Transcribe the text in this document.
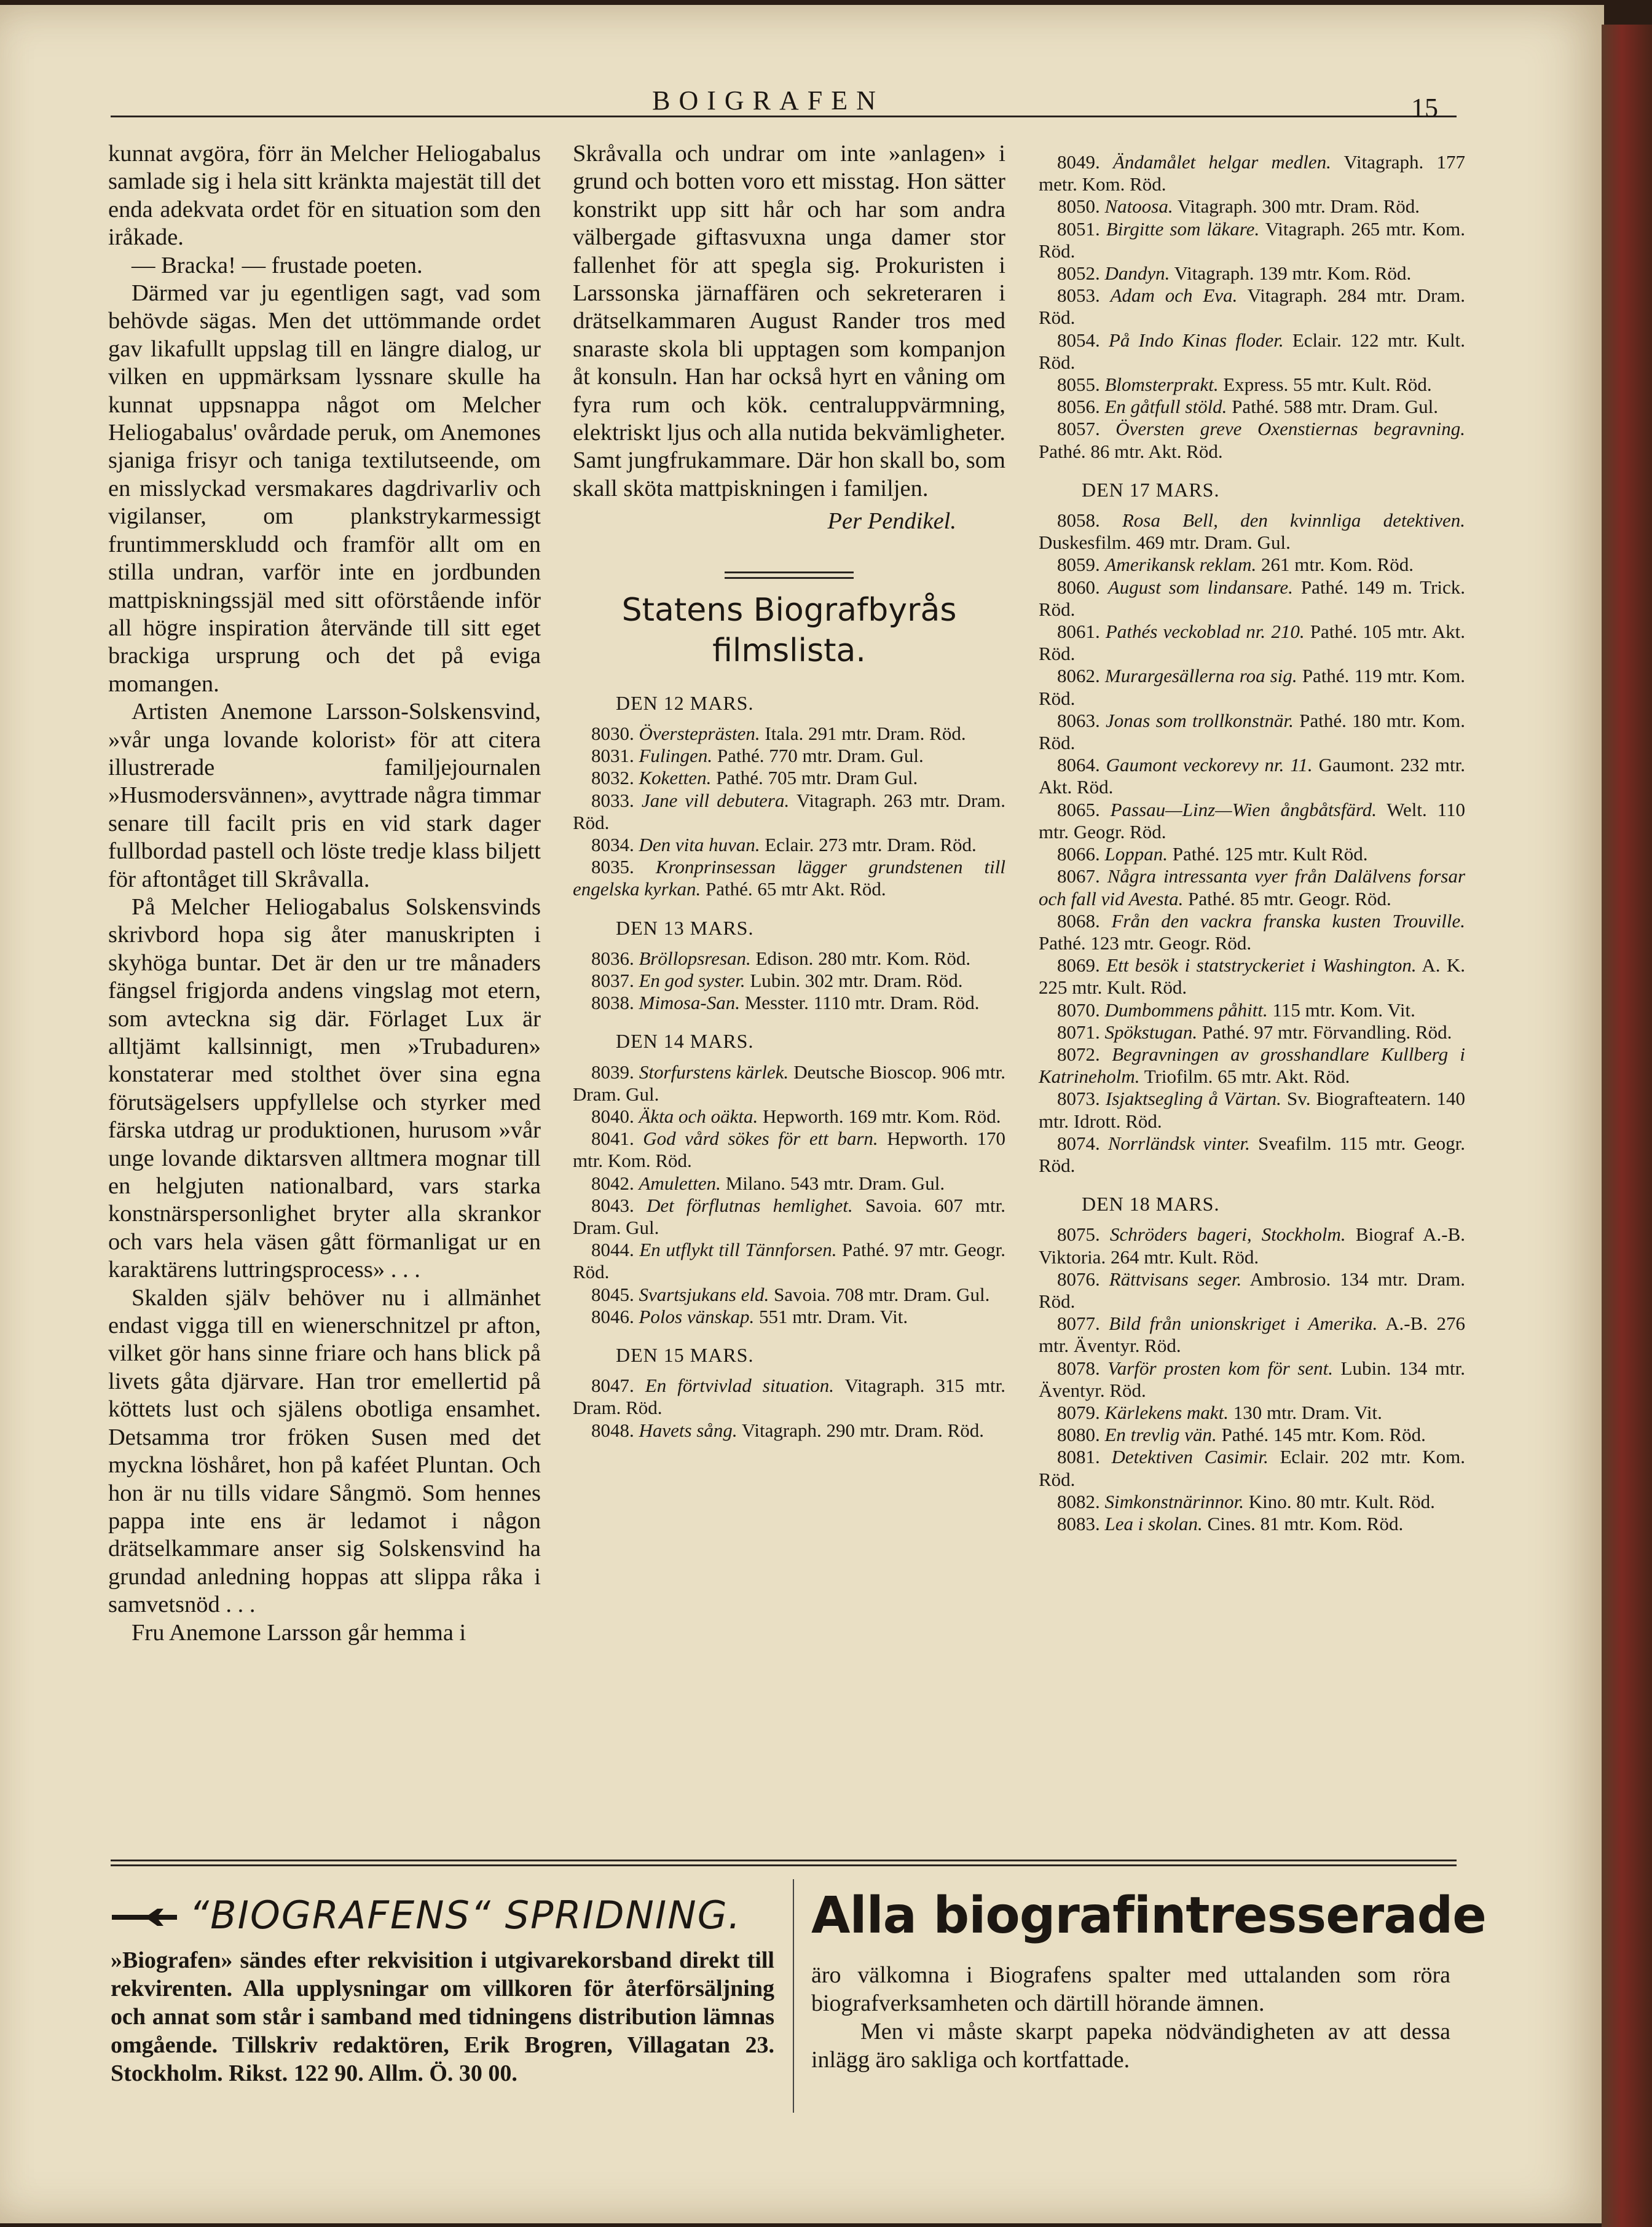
BOIGRAFEN	15

kunnat avgöra, förr än Melcher Heliogabalus samlade sig i hela sitt kränkta majestät till det enda adekvata ordet för en situation som den iråkade.

— Bracka! — frustade poeten.

Därmed var ju egentligen sagt, vad som behövde sägas. Men det uttömmande ordet gav likafullt uppslag till en längre dialog, ur vilken en uppmärksam lyssnare skulle ha kunnat uppsnappa något om Melcher Heliogabalus' ovårdade peruk, om Anemones sjaniga frisyr och taniga textilutseende, om en misslyckad versmakares dagdrivarliv och vigilanser, om plankstrykarmessigt fruntimmerskludd och framför allt om en stilla undran, varför inte en jordbunden mattpiskningssjäl med sitt oförstående inför all högre inspiration återvände till sitt eget brackiga ursprung och det på eviga momangen.

Artisten Anemone Larsson-Solskensvind, »vår unga lovande kolorist» för att citera illustrerade familjejournalen »Husmodersvännen», avyttrade några timmar senare till facilt pris en vid stark dager fullbordad pastell och löste tredje klass biljett för aftontåget till Skråvalla.

På Melcher Heliogabalus Solskensvinds skrivbord hopa sig åter manuskripten i skyhöga buntar. Det är den ur tre månaders fängsel frigjorda andens vingslag mot etern, som avteckna sig där. Förlaget Lux är alltjämt kallsinnigt, men »Trubaduren» konstaterar med stolthet över sina egna förutsägelsers uppfyllelse och styrker med färska utdrag ur produktionen, hurusom »vår unge lovande diktarsven alltmera mognar till en helgjuten nationalbard, vars starka konstnärspersonlighet bryter alla skrankor och vars hela väsen gått förmanligat ur en karaktärens luttringsprocess» . . .

Skalden själv behöver nu i allmänhet endast vigga till en wienerschnitzel pr afton, vilket gör hans sinne friare och hans blick på livets gåta djärvare. Han tror emellertid på köttets lust och själens obotliga ensamhet. Detsamma tror fröken Susen med det myckna löshåret, hon på kaféet Pluntan. Och hon är nu tills vidare Sångmö. Som hennes pappa inte ens är ledamot i någon drätselkammare anser sig Solskensvind ha grundad anledning hoppas att slippa råka i samvetsnöd . . .

Fru Anemone Larsson går hemma i

Skråvalla och undrar om inte »anlagen» i grund och botten voro ett misstag. Hon sätter konstrikt upp sitt hår och har som andra välbergade giftasvuxna unga damer stor fallenhet för att spegla sig. Prokuristen i Larssonska järnaffären och sekreteraren i drätselkammaren August Rander tros med snaraste skola bli upptagen som kompanjon åt konsuln. Han har också hyrt en våning om fyra rum och kök. centraluppvärmning, elektriskt ljus och alla nutida bekvämligheter. Samt jungfrukammare. Där hon skall bo, som skall sköta mattpiskningen i familjen.

Per Pendikel.

Statens Biografbyrås
filmslista.

DEN 12 MARS.

8030. Översteprästen. Itala. 291 mtr. Dram. Röd.

8031. Fulingen. Pathé. 770 mtr. Dram. Gul.

8032. Koketten. Pathé. 705 mtr. Dram Gul.

8033. Jane vill debutera. Vitagraph. 263 mtr. Dram. Röd.

8034. Den vita huvan. Eclair. 273 mtr. Dram. Röd.

8035. Kronprinsessan lägger grundstenen till engelska kyrkan. Pathé. 65 mtr Akt. Röd.

DEN 13 MARS.

8036. Bröllopsresan. Edison. 280 mtr. Kom. Röd.

8037. En god syster. Lubin. 302 mtr. Dram. Röd.

8038. Mimosa-San. Messter. 1110 mtr. Dram. Röd.

DEN 14 MARS.

8039. Storfurstens kärlek. Deutsche Bioscop. 906 mtr. Dram. Gul.

8040. Äkta och oäkta. Hepworth. 169 mtr. Kom. Röd.

8041. God vård sökes för ett barn. Hepworth. 170 mtr. Kom. Röd.

8042. Amuletten. Milano. 543 mtr. Dram. Gul.

8043. Det förflutnas hemlighet. Savoia. 607 mtr. Dram. Gul.

8044. En utflykt till Tännforsen. Pathé. 97 mtr. Geogr. Röd.

8045. Svartsjukans eld. Savoia. 708 mtr. Dram. Gul.

8046. Polos vänskap. 551 mtr. Dram. Vit.

DEN 15 MARS.

8047. En förtvivlad situation. Vitagraph. 315 mtr. Dram. Röd.

8048. Havets sång. Vitagraph. 290 mtr. Dram. Röd.

8049. Ändamålet helgar medlen. Vitagraph. 177 metr. Kom. Röd.

8050. Natoosa. Vitagraph. 300 mtr. Dram. Röd.

8051. Birgitte som läkare. Vitagraph. 265 mtr. Kom. Röd.

8052. Dandyn. Vitagraph. 139 mtr. Kom. Röd.

8053. Adam och Eva. Vitagraph. 284 mtr. Dram. Röd.

8054. På Indo Kinas floder. Eclair. 122 mtr. Kult. Röd.

8055. Blomsterprakt. Express. 55 mtr. Kult. Röd.

8056. En gåtfull stöld. Pathé. 588 mtr. Dram. Gul.

8057. Översten greve Oxenstiernas begravning. Pathé. 86 mtr. Akt. Röd.

DEN 17 MARS.

8058. Rosa Bell, den kvinnliga detektiven. Duskesfilm. 469 mtr. Dram. Gul.

8059. Amerikansk reklam. 261 mtr. Kom. Röd.

8060. August som lindansare. Pathé. 149 m. Trick. Röd.

8061. Pathés veckoblad nr. 210. Pathé. 105 mtr. Akt. Röd.

8062. Murargesällerna roa sig. Pathé. 119 mtr. Kom. Röd.

8063. Jonas som trollkonstnär. Pathé. 180 mtr. Kom. Röd.

8064. Gaumont veckorevy nr. 11. Gaumont. 232 mtr. Akt. Röd.

8065. Passau—Linz—Wien ångbåtsfärd. Welt. 110 mtr. Geogr. Röd.

8066. Loppan. Pathé. 125 mtr. Kult Röd.

8067. Några intressanta vyer från Dalälvens forsar och fall vid Avesta. Pathé. 85 mtr. Geogr. Röd.

8068. Från den vackra franska kusten Trouville. Pathé. 123 mtr. Geogr. Röd.

8069. Ett besök i statstryckeriet i Washington. A. K. 225 mtr. Kult. Röd.

8070. Dumbommens påhitt. 115 mtr. Kom. Vit.

8071. Spökstugan. Pathé. 97 mtr. Förvandling. Röd.

8072. Begravningen av grosshandlare Kullberg i Katrineholm. Triofilm. 65 mtr. Akt. Röd.

8073. Isjaktsegling å Värtan. Sv. Biografteatern. 140 mtr. Idrott. Röd.

8074. Norrländsk vinter. Sveafilm. 115 mtr. Geogr. Röd.

DEN 18 MARS.

8075. Schröders bageri, Stockholm. Biograf A.-B. Viktoria. 264 mtr. Kult. Röd.

8076. Rättvisans seger. Ambrosio. 134 mtr. Dram. Röd.

8077. Bild från unionskriget i Amerika. A.-B. 276 mtr. Äventyr. Röd.

8078. Varför prosten kom för sent. Lubin. 134 mtr. Äventyr. Röd.

8079. Kärlekens makt. 130 mtr. Dram. Vit.

8080. En trevlig vän. Pathé. 145 mtr. Kom. Röd.

8081. Detektiven Casimir. Eclair. 202 mtr. Kom. Röd.

8082. Simkonstnärinnor. Kino. 80 mtr. Kult. Röd.

8083. Lea i skolan. Cines. 81 mtr. Kom. Röd.

“BIOGRAFENS“ SPRIDNING.
»Biografen» sändes efter rekvisition i utgivarekorsband direkt till rekvirenten. Alla upplysningar om villkoren för återförsäljning och annat som står i samband med tidningens distribution lämnas omgående. Tillskriv redaktören, Erik Brogren, Villagatan 23. Stockholm. Rikst. 122 90. Allm. Ö. 30 00.
Alla biografintresserade
äro välkomna i Biografens spalter med uttalanden som röra biografverksamheten och därtill hörande ämnen.
Men vi måste skarpt papeka nödvändigheten av att dessa inlägg äro sakliga och kortfattade.
